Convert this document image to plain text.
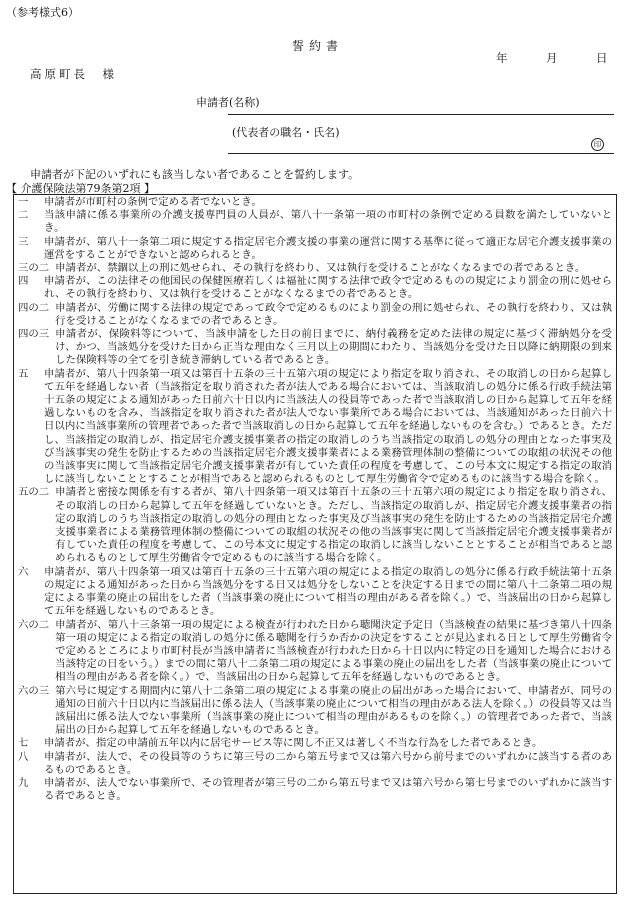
（参考様式6）
誓約書
年	月	日
高原町長　様
申請者(名称)
(代表者の職名・氏名)
印
申請者が下記のいずれにも該当しない者であることを誓約します。
【 介護保険法第79条第2項 】
一	申請者が市町村の条例で定める者でないとき。
二	当該申請に係る事業所の介護支援専門員の人員が、第八十一条第一項の市町村の条例で定める員数を満たしていないとき。
三	申請者が、第八十一条第二項に規定する指定居宅介護支援の事業の運営に関する基準に従って適正な居宅介護支援事業の運営をすることができないと認められるとき。
三の二 申請者が、禁錮以上の刑に処せられ、その執行を終わり、又は執行を受けることがなくなるまでの者であるとき。
四	申請者が、この法律その他国民の保健医療若しくは福祉に関する法律で政令で定めるものの規定により罰金の刑に処せられ、その執行を終わり、又は執行を受けることがなくなるまでの者であるとき。
四の二 申請者が、労働に関する法律の規定であって政令で定めるものにより罰金の刑に処せられ、その執行を終わり、又は執行を受けることがなくなるまでの者であるとき。
四の三 申請者が、保険料等について、当該申請をした日の前日までに、納付義務を定めた法律の規定に基づく滞納処分を受け、かつ、当該処分を受けた日から正当な理由なく三月以上の期間にわたり、当該処分を受けた日以降に納期限の到来した保険料等の全てを引き続き滞納している者であるとき。
五	申請者が、第八十四条第一項又は第百十五条の三十五第六項の規定により指定を取り消され、その取消しの日から起算して五年を経過しない者（当該指定を取り消された者が法人である場合においては、当該取消しの処分に係る行政手続法第十五条の規定による通知があった日前六十日以内に当該法人の役員等であった者で当該取消しの日から起算して五年を経過しないものを含み、当該指定を取り消された者が法人でない事業所である場合においては、当該通知があった日前六十日以内に当該事業所の管理者であった者で当該取消しの日から起算して五年を経過しないものを含む。）であるとき。ただし、当該指定の取消しが、指定居宅介護支援事業者の指定の取消しのうち当該指定の取消しの処分の理由となった事実及び当該事実の発生を防止するための当該指定居宅介護支援事業者による業務管理体制の整備についての取組の状況その他の当該事実に関して当該指定居宅介護支援事業者が有していた責任の程度を考慮して、この号本文に規定する指定の取消しに該当しないこととすることが相当であると認められるものとして厚生労働省令で定めるものに該当する場合を除く。
五の二 申請者と密接な関係を有する者が、第八十四条第一項又は第百十五条の三十五第六項の規定により指定を取り消され、その取消しの日から起算して五年を経過していないとき。ただし、当該指定の取消しが、指定居宅介護支援事業者の指定の取消しのうち当該指定の取消しの処分の理由となった事実及び当該事実の発生を防止するための当該指定居宅介護支援事業者による業務管理体制の整備についての取組の状況その他の当該事実に関して当該指定居宅介護支援事業者が有していた責任の程度を考慮して、この号本文に規定する指定の取消しに該当しないこととすることが相当であると認められるものとして厚生労働省令で定めるものに該当する場合を除く。
六	申請者が、第八十四条第一項又は第百十五条の三十五第六項の規定による指定の取消しの処分に係る行政手続法第十五条の規定による通知があった日から当該処分をする日又は処分をしないことを決定する日までの間に第八十二条第二項の規定による事業の廃止の届出をした者（当該事業の廃止について相当の理由がある者を除く。）で、当該届出の日から起算して五年を経過しないものであるとき。
六の二 申請者が、第八十三条第一項の規定による検査が行われた日から聴聞決定予定日（当該検査の結果に基づき第八十四条第一項の規定による指定の取消しの処分に係る聴聞を行うか否かの決定をすることが見込まれる日として厚生労働省令で定めるところにより市町村長が当該申請者に当該検査が行われた日から十日以内に特定の日を通知した場合における当該特定の日をいう。）までの間に第八十二条第二項の規定による事業の廃止の届出をした者（当該事業の廃止について相当の理由がある者を除く。）で、当該届出の日から起算して五年を経過しないものであるとき。
六の三 第六号に規定する期間内に第八十二条第二項の規定による事業の廃止の届出があった場合において、申請者が、同号の通知の日前六十日以内に当該届出に係る法人（当該事業の廃止について相当の理由がある法人を除く。）の役員等又は当該届出に係る法人でない事業所（当該事業の廃止について相当の理由があるものを除く。）の管理者であった者で、当該届出の日から起算して五年を経過しないものであるとき。
七	申請者が、指定の申請前五年以内に居宅サービス等に関し不正又は著しく不当な行為をした者であるとき。
八	申請者が、法人で、その役員等のうちに第三号の二から第五号まで又は第六号から前号までのいずれかに該当する者のあるものであるとき。
九	申請者が、法人でない事業所で、その管理者が第三号の二から第五号まで又は第六号から第七号までのいずれかに該当する者であるとき。
